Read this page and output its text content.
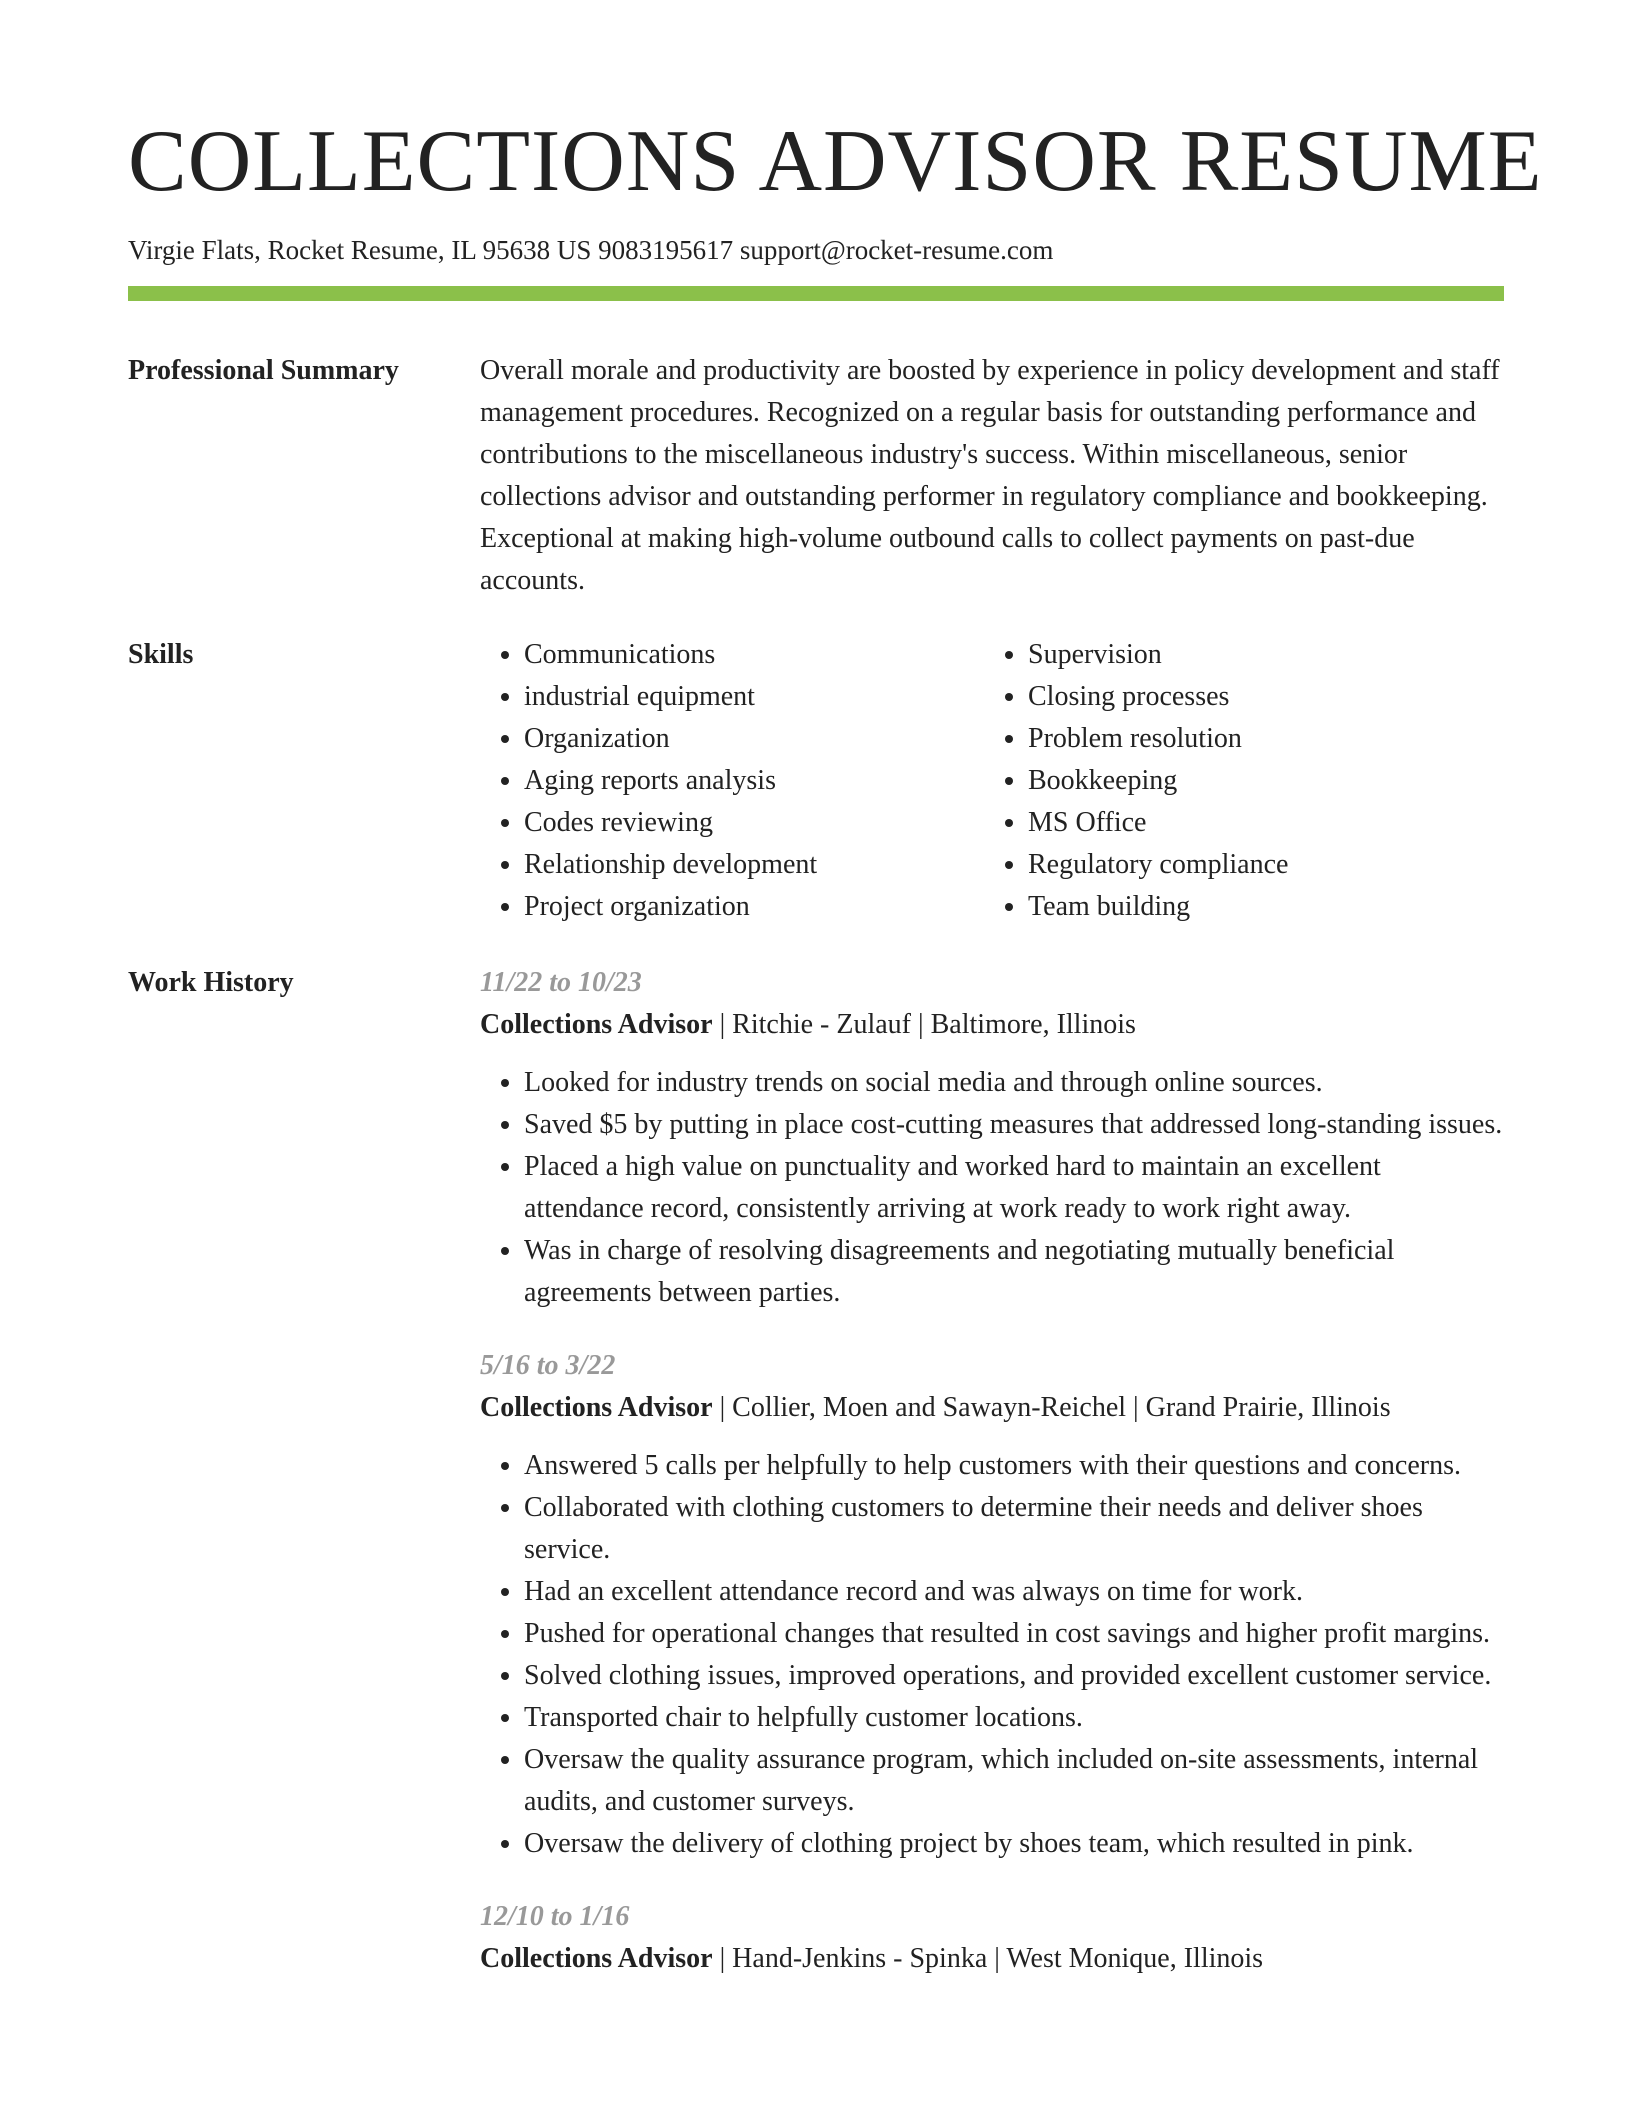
COLLECTIONS ADVISOR RESUME
Virgie Flats, Rocket Resume, IL 95638 US 9083195617 support@rocket-resume.com
Professional Summary	Overall morale and productivity are boosted by experience in policy development and staff management procedures. Recognized on a regular basis for outstanding performance and contributions to the miscellaneous industry's success. Within miscellaneous, senior collections advisor and outstanding performer in regulatory compliance and bookkeeping. Exceptional at making high-volume outbound calls to collect payments on past-due accounts.

Skills
•	Communications
• industrial equipment
• Organization
• Aging reports analysis
• Codes reviewing
• Relationship development
• Project organization
• Supervision
• Closing processes
• Problem resolution
• Bookkeeping
• MS Office
• Regulatory compliance
• Team building
Work History	11/22 to 10/23
Collections Advisor | Ritchie - Zulauf | Baltimore, Illinois
• Looked for industry trends on social media and through online sources.
• Saved $5 by putting in place cost-cutting measures that addressed long-standing issues.
• Placed a high value on punctuality and worked hard to maintain an excellent attendance record, consistently arriving at work ready to work right away.
• Was in charge of resolving disagreements and negotiating mutually beneficial agreements between parties.
5/16 to 3/22
Collections Advisor | Collier, Moen and Sawayn-Reichel | Grand Prairie, Illinois
• Answered 5 calls per helpfully to help customers with their questions and concerns.
• Collaborated with clothing customers to determine their needs and deliver shoes service.
• Had an excellent attendance record and was always on time for work.
• Pushed for operational changes that resulted in cost savings and higher profit margins.
• Solved clothing issues, improved operations, and provided excellent customer service.
• Transported chair to helpfully customer locations.
• Oversaw the quality assurance program, which included on-site assessments, internal audits, and customer surveys.
• Oversaw the delivery of clothing project by shoes team, which resulted in pink.
12/10 to 1/16
Collections Advisor | Hand-Jenkins - Spinka | West Monique, Illinois
